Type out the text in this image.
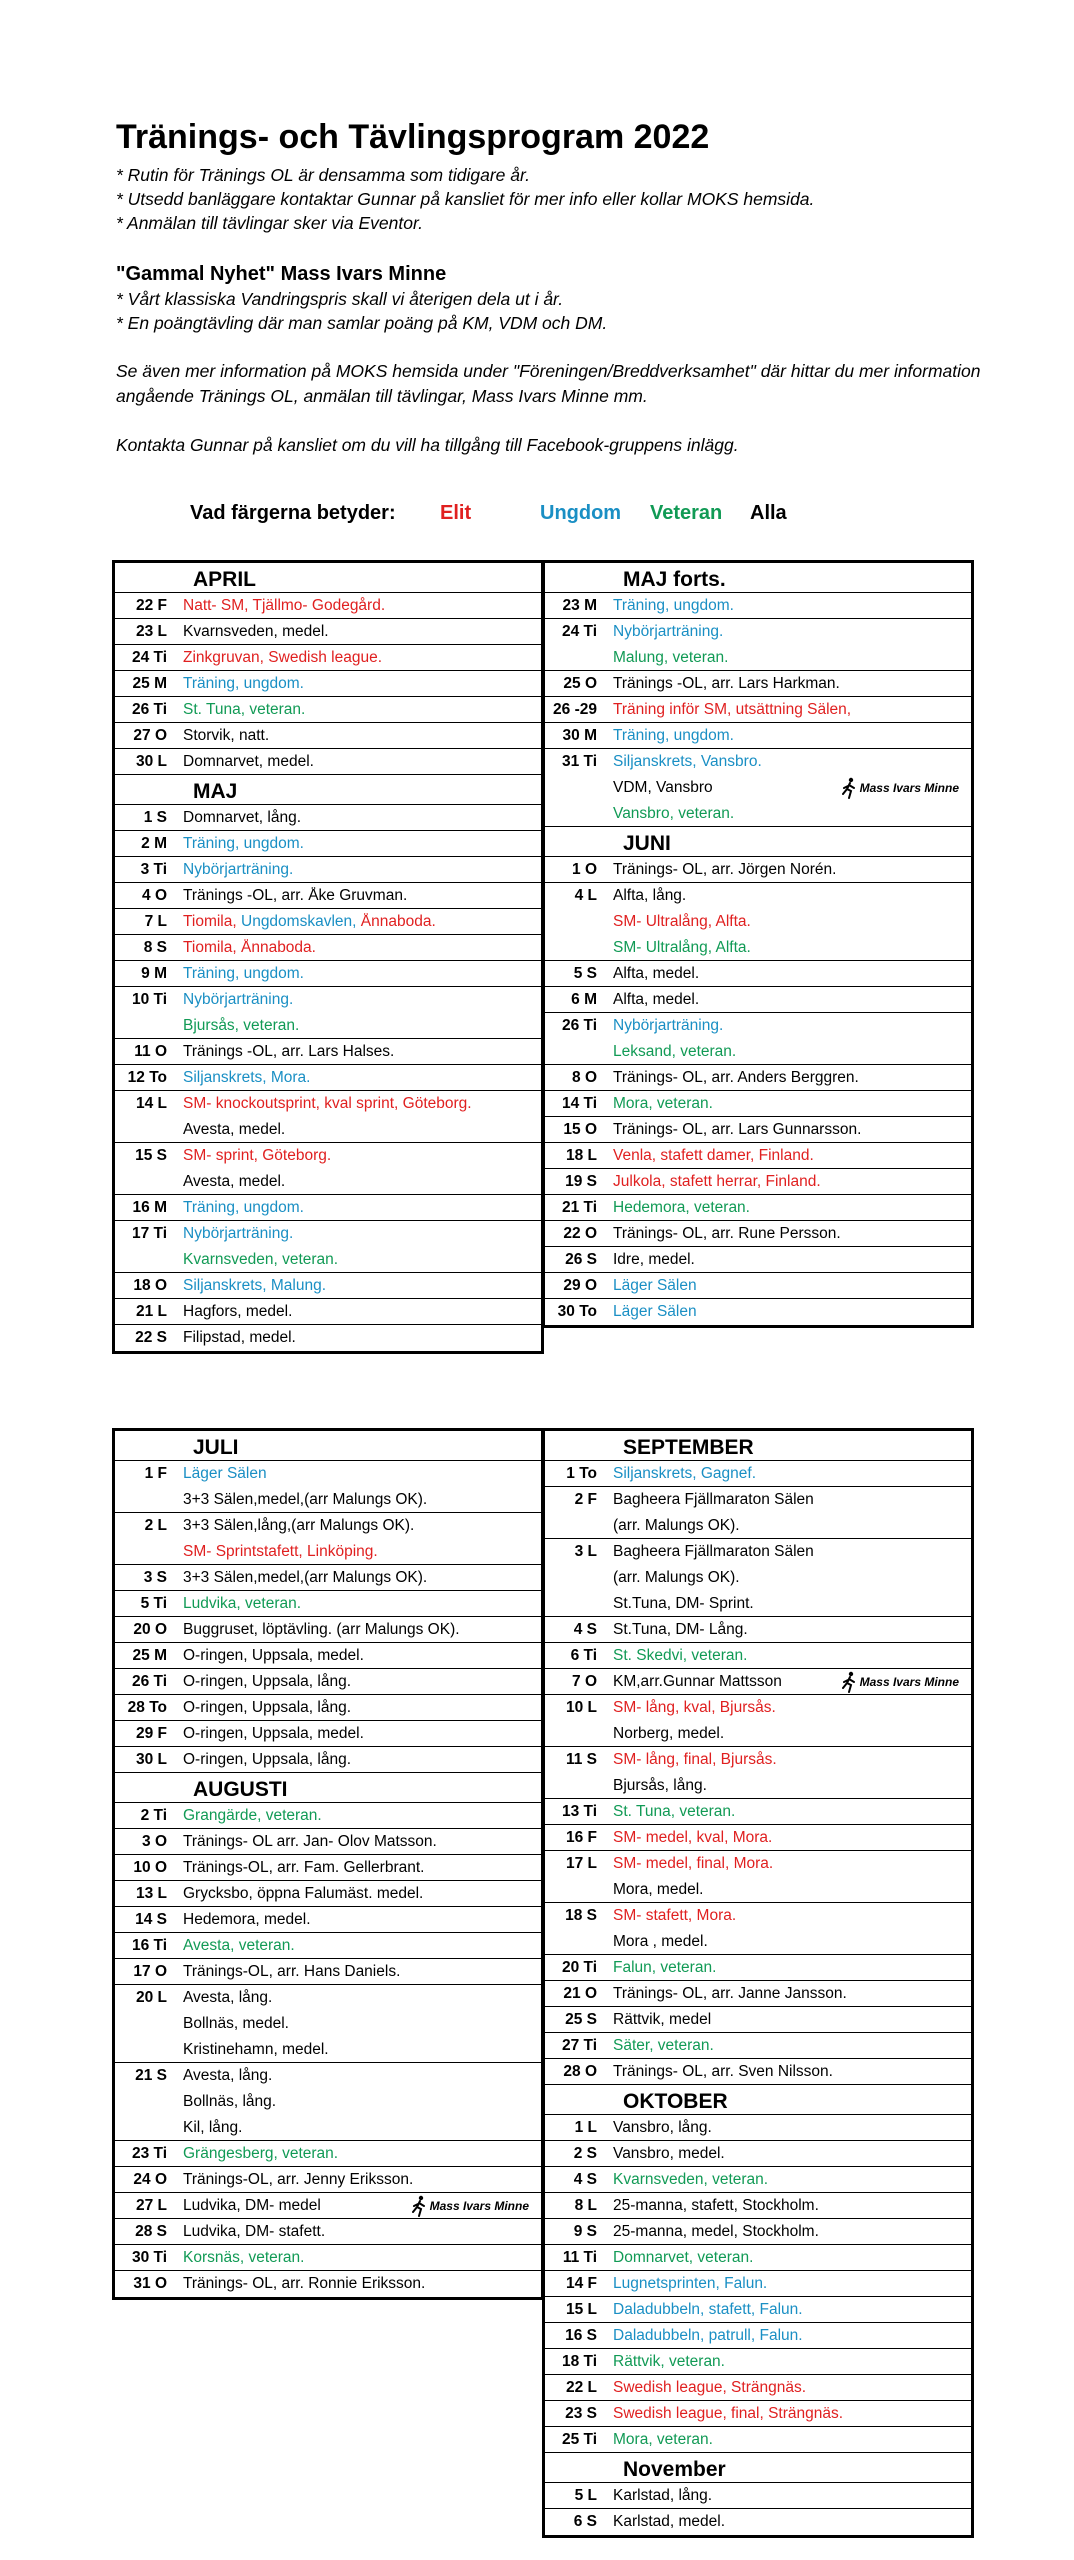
Tränings- och Tävlingsprogram 2022
* Rutin för Tränings OL är densamma som tidigare år.
* Utsedd banläggare kontaktar Gunnar på kansliet för mer info eller kollar MOKS hemsida.
* Anmälan till tävlingar sker via Eventor.
"Gammal Nyhet" Mass Ivars Minne
* Vårt klassiska Vandringspris skall vi återigen dela ut i år.
* En poängtävling där man samlar poäng på KM, VDM och DM.
Se även mer information på MOKS hemsida under "Föreningen/Breddverksamhet" där hittar du mer information angående Tränings OL, anmälan till tävlingar, Mass Ivars Minne mm.
Kontakta Gunnar på kansliet om du vill ha tillgång till Facebook-gruppens inlägg.
Vad färgerna betyder:	Elit	Ungdom	Veteran	Alla
APRIL
22 F	Natt- SM, Tjällmo- Godegård.
23 L	Kvarnsveden, medel.
24 Ti	Zinkgruvan, Swedish league.
25 M	Träning, ungdom.
26 Ti	St. Tuna, veteran.
27 O	Storvik, natt.
30 L	Domnarvet, medel.
MAJ
1 S	Domnarvet, lång.
2 M	Träning, ungdom.
3 Ti	Nybörjarträning.
4 O	Tränings -OL, arr. Åke Gruvman.
7 L	Tiomila, Ungdomskavlen, Ånnaboda.
8 S	Tiomila, Ånnaboda.
9 M	Träning, ungdom.
10 Ti	Nybörjarträning.
Bjursås, veteran.
11 O	Tränings -OL, arr. Lars Halses.
12 To	Siljanskrets, Mora.
14 L	SM- knockoutsprint, kval sprint, Göteborg.
Avesta, medel.
15 S	SM- sprint, Göteborg.
Avesta, medel.
16 M	Träning, ungdom.
17 Ti	Nybörjarträning.
Kvarnsveden, veteran.
18 O	Siljanskrets, Malung.
21 L	Hagfors, medel.
22 S	Filipstad, medel.
MAJ forts.
23 M	Träning, ungdom.
24 Ti	Nybörjarträning.
Malung, veteran.
25 O	Tränings -OL, arr. Lars Harkman.
26 -29	Träning inför SM, utsättning Sälen,
30 M	Träning, ungdom.
31 Ti	Siljanskrets, Vansbro.
VDM, Vansbro	Mass Ivars Minne
Vansbro, veteran.
JUNI
1 O	Tränings- OL, arr. Jörgen Norén.
4 L	Alfta, lång.
SM- Ultralång, Alfta.
SM- Ultralång, Alfta.
5 S	Alfta, medel.
6 M	Alfta, medel.
26 Ti	Nybörjarträning.
Leksand, veteran.
8 O	Tränings- OL, arr. Anders Berggren.
14 Ti	Mora, veteran.
15 O	Tränings- OL, arr. Lars Gunnarsson.
18 L	Venla, stafett damer, Finland.
19 S	Julkola, stafett herrar, Finland.
21 Ti	Hedemora, veteran.
22 O	Tränings- OL, arr. Rune Persson.
26 S	Idre, medel.
29 O	Läger Sälen
30 To	Läger Sälen
JULI
1 F	Läger Sälen
3+3 Sälen,medel,(arr Malungs OK).
2 L	3+3 Sälen,lång,(arr Malungs OK).
SM- Sprintstafett, Linköping.
3 S	3+3 Sälen,medel,(arr Malungs OK).
5 Ti	Ludvika, veteran.
20 O	Buggruset, löptävling. (arr Malungs OK).
25 M	O-ringen, Uppsala, medel.
26 Ti	O-ringen, Uppsala, lång.
28 To	O-ringen, Uppsala, lång.
29 F	O-ringen, Uppsala, medel.
30 L	O-ringen, Uppsala, lång.
AUGUSTI
2 Ti	Grangärde, veteran.
3 O	Tränings- OL arr. Jan- Olov Matsson.
10 O	Tränings-OL, arr. Fam. Gellerbrant.
13 L	Grycksbo, öppna Falumäst. medel.
14 S	Hedemora, medel.
16 Ti	Avesta, veteran.
17 O	Tränings-OL, arr. Hans Daniels.
20 L	Avesta, lång.
Bollnäs, medel.
Kristinehamn, medel.
21 S	Avesta, lång.
Bollnäs, lång.
Kil, lång.
23 Ti	Grängesberg, veteran.
24 O	Tränings-OL, arr. Jenny Eriksson.
27 L	Ludvika, DM- medel	Mass Ivars Minne
28 S	Ludvika, DM- stafett.
30 Ti	Korsnäs, veteran.
31 O	Tränings- OL, arr. Ronnie Eriksson.
SEPTEMBER
1 To	Siljanskrets, Gagnef.
2 F	Bagheera Fjällmaraton Sälen
(arr. Malungs OK).
3 L	Bagheera Fjällmaraton Sälen
(arr. Malungs OK).
St.Tuna, DM- Sprint.
4 S	St.Tuna, DM- Lång.
6 Ti	St. Skedvi, veteran.
7 O	KM,arr.Gunnar Mattsson	Mass Ivars Minne
10 L	SM- lång, kval, Bjursås.
Norberg, medel.
11 S	SM- lång, final, Bjursås.
Bjursås, lång.
13 Ti	St. Tuna, veteran.
16 F	SM- medel, kval, Mora.
17 L	SM- medel, final, Mora.
Mora, medel.
18 S	SM- stafett, Mora.
Mora , medel.
20 Ti	Falun, veteran.
21 O	Tränings- OL, arr. Janne Jansson.
25 S	Rättvik, medel
27 Ti	Säter, veteran.
28 O	Tränings- OL, arr. Sven Nilsson.
OKTOBER
1 L	Vansbro, lång.
2 S	Vansbro, medel.
4 S	Kvarnsveden, veteran.
8 L	25-manna, stafett, Stockholm.
9 S	25-manna, medel, Stockholm.
11 Ti	Domnarvet, veteran.
14 F	Lugnetsprinten, Falun.
15 L	Daladubbeln, stafett, Falun.
16 S	Daladubbeln, patrull, Falun.
18 Ti	Rättvik, veteran.
22 L	Swedish league, Strängnäs.
23 S	Swedish league, final, Strängnäs.
25 Ti	Mora, veteran.
November
5 L	Karlstad, lång.
6 S	Karlstad, medel.
